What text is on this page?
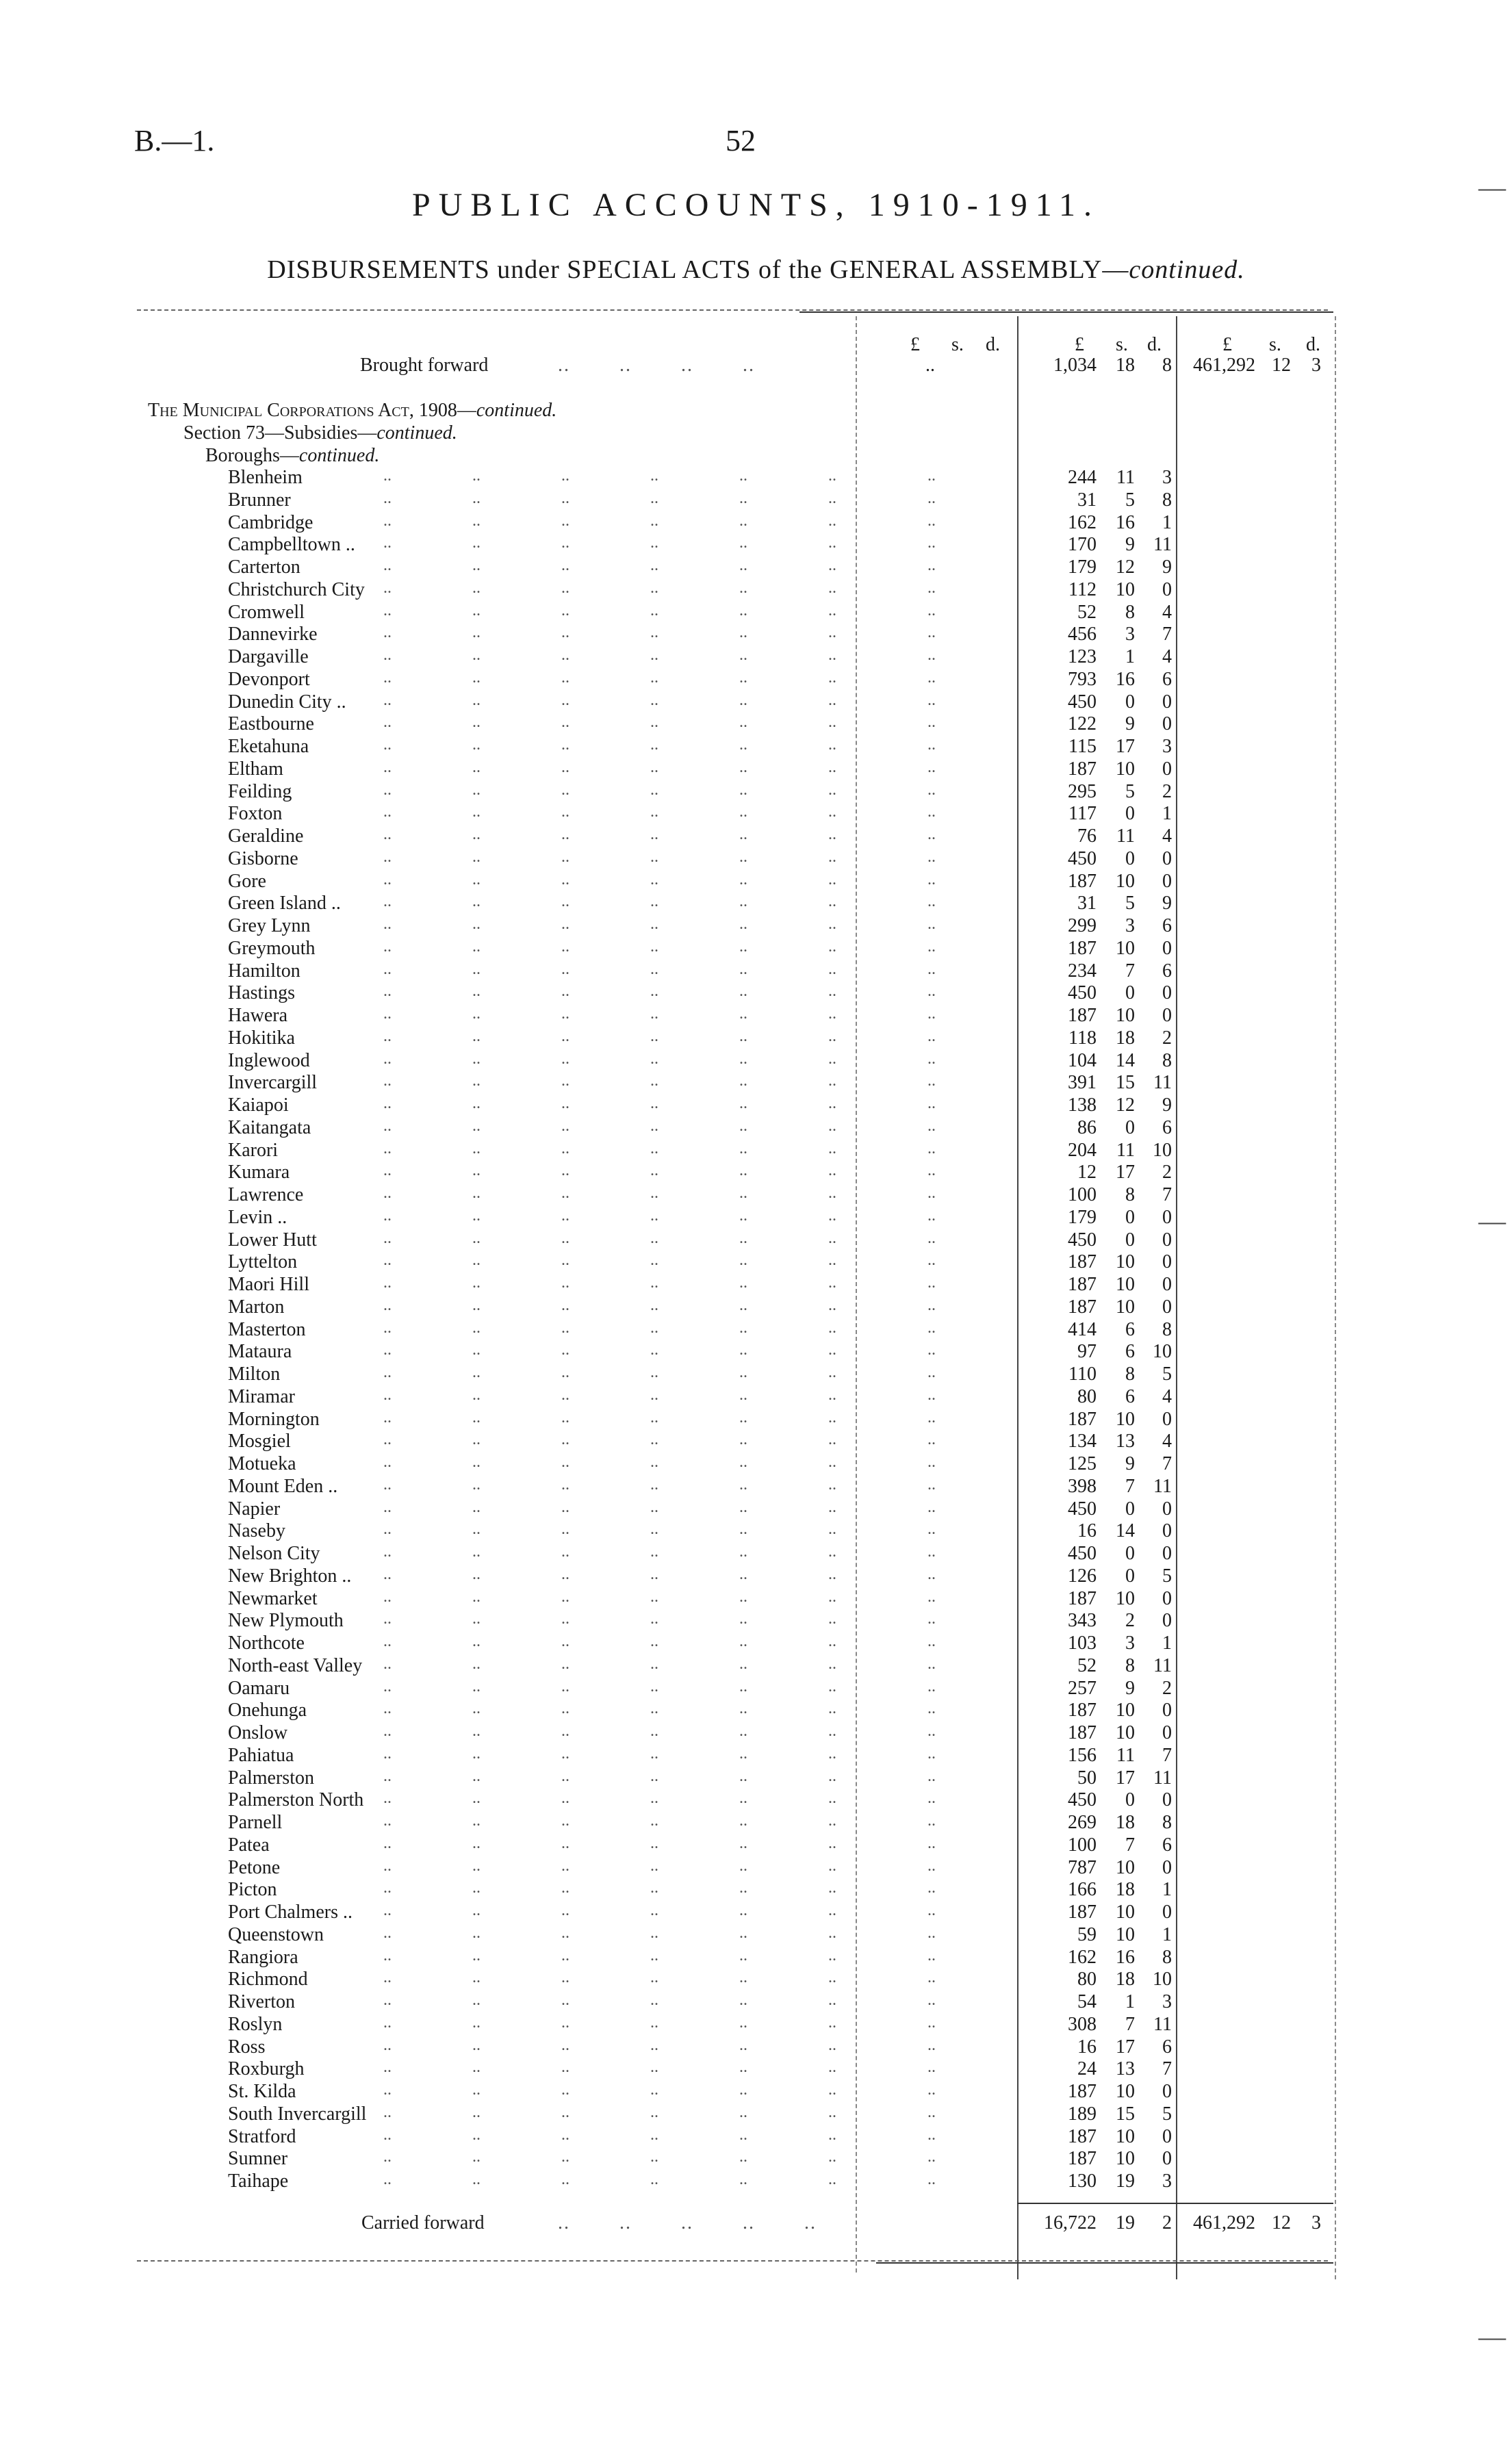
B.—1.	52
PUBLIC ACCOUNTS, 1910-1911.
DISBURSEMENTS under SPECIAL ACTS of the GENERAL ASSEMBLY—continued.
£ s. d.	£ s. d.	£ s. d.
Brought forward	..        ..        ..        ..	..	1,034	18	8	461,292 12	3
The Municipal Corporations Act, 1908—continued.
Section 73—Subsidies—continued.
Boroughs—continued.
Blenheim	..	..	..	..	..	..	..	244	11	3
Brunner	..	..	..	..	..	..	..	31	5	8
Cambridge	..	..	..	..	..	..	..	162	16	1
Campbelltown .. ..	..	..	..	..	..	..	170	9 11
Carterton	..	..	..	..	..	..	..	179	12	9
Christchurch City ..	..	..	..	..	..	..	112	10	0
Cromwell	..	..	..	..	..	..	..	52	8	4
Dannevirke	..	..	..	..	..	..	..	456	3	7
Dargaville	..	..	..	..	..	..	..	123	1	4
Devonport	..	..	..	..	..	..	..	793	16	6
Dunedin City .. ..	..	..	..	..	..	..	450	0	0
Eastbourne	..	..	..	..	..	..	..	122	9	0
Eketahuna	..	..	..	..	..	..	..	115	17	3
Eltham	..	..	..	..	..	..	..	187	10	0
Feilding	..	..	..	..	..	..	..	295	5	2
Foxton	..	..	..	..	..	..	..	117	0	1
Geraldine	..	..	..	..	..	..	..	76	11	4
Gisborne	..	..	..	..	..	..	..	450	0	0
Gore	..	..	..	..	..	..	..	187	10	0
Green Island ..	..	..	..	..	..	..	..	31	5	9
Grey Lynn	..	..	..	..	..	..	..	299	3	6
Greymouth	..	..	..	..	..	..	..	187	10	0
Hamilton	..	..	..	..	..	..	..	234	7	6
Hastings	..	..	..	..	..	..	..	450	0	0
Hawera	..	..	..	..	..	..	..	187	10	0
Hokitika	..	..	..	..	..	..	..	118	18	2
Inglewood	..	..	..	..	..	..	..	104	14	8
Invercargill	..	..	..	..	..	..	..	391	15 11
Kaiapoi	..	..	..	..	..	..	..	138	12	9
Kaitangata	..	..	..	..	..	..	..	86	0	6
Karori	..	..	..	..	..	..	..	204	11 10
Kumara	..	..	..	..	..	..	..	12	17	2
Lawrence	..	..	..	..	..	..	..	100	8	7
Levin ..	..	..	..	..	..	..	..	179	0	0
Lower Hutt	..	..	..	..	..	..	..	450	0	0
Lyttelton	..	..	..	..	..	..	..	187	10	0
Maori Hill	..	..	..	..	..	..	..	187	10	0
Marton	..	..	..	..	..	..	..	187	10	0
Masterton	..	..	..	..	..	..	..	414	6	8
Mataura	..	..	..	..	..	..	..	97	6 10
Milton	..	..	..	..	..	..	..	110	8	5
Miramar	..	..	..	..	..	..	..	80	6	4
Mornington	..	..	..	..	..	..	..	187	10	0
Mosgiel	..	..	..	..	..	..	..	134	13	4
Motueka	..	..	..	..	..	..	..	125	9	7
Mount Eden ..	..	..	..	..	..	..	..	398	7 11
Napier	..	..	..	..	..	..	..	450	0	0
Naseby	..	..	..	..	..	..	..	16	14	0
Nelson City	..	..	..	..	..	..	..	450	0	0
New Brighton .. ..	..	..	..	..	..	..	126	0	5
Newmarket	..	..	..	..	..	..	..	187	10	0
New Plymouth ..	..	..	..	..	..	..	343	2	0
Northcote	..	..	..	..	..	..	..	103	3	1
North-east Valley ..	..	..	..	..	..	..	52	8 11
Oamaru	..	..	..	..	..	..	..	257	9	2
Onehunga	..	..	..	..	..	..	..	187	10	0
Onslow	..	..	..	..	..	..	..	187	10	0
Pahiatua	..	..	..	..	..	..	..	156	11	7
Palmerston	..	..	..	..	..	..	..	50	17 11
Palmerston North ..	..	..	..	..	..	..	450	0	0
Parnell	..	..	..	..	..	..	..	269	18	8
Patea	..	..	..	..	..	..	..	100	7	6
Petone	..	..	..	..	..	..	..	787	10	0
Picton	..	..	..	..	..	..	..	166	18	1
Port Chalmers .. ..	..	..	..	..	..	..	187	10	0
Queenstown	..	..	..	..	..	..	..	59	10	1
Rangiora	..	..	..	..	..	..	..	162	16	8
Richmond	..	..	..	..	..	..	..	80	18 10
Riverton	..	..	..	..	..	..	..	54	1	3
Roslyn	..	..	..	..	..	..	..	308	7 11
Ross	..	..	..	..	..	..	..	16	17	6
Roxburgh	..	..	..	..	..	..	..	24	13	7
St. Kilda	..	..	..	..	..	..	..	187	10	0
South Invercargill ..	..	..	..	..	..	..	189	15	5
Stratford	..	..	..	..	..	..	..	187	10	0
Sumner	..	..	..	..	..	..	..	187	10	0
Taihape	..	..	..	..	..	..	..	130	19	3
Carried forward	..        ..        ..        ..        ..	16,722	19	2	461,292 12	3
—
—
—
